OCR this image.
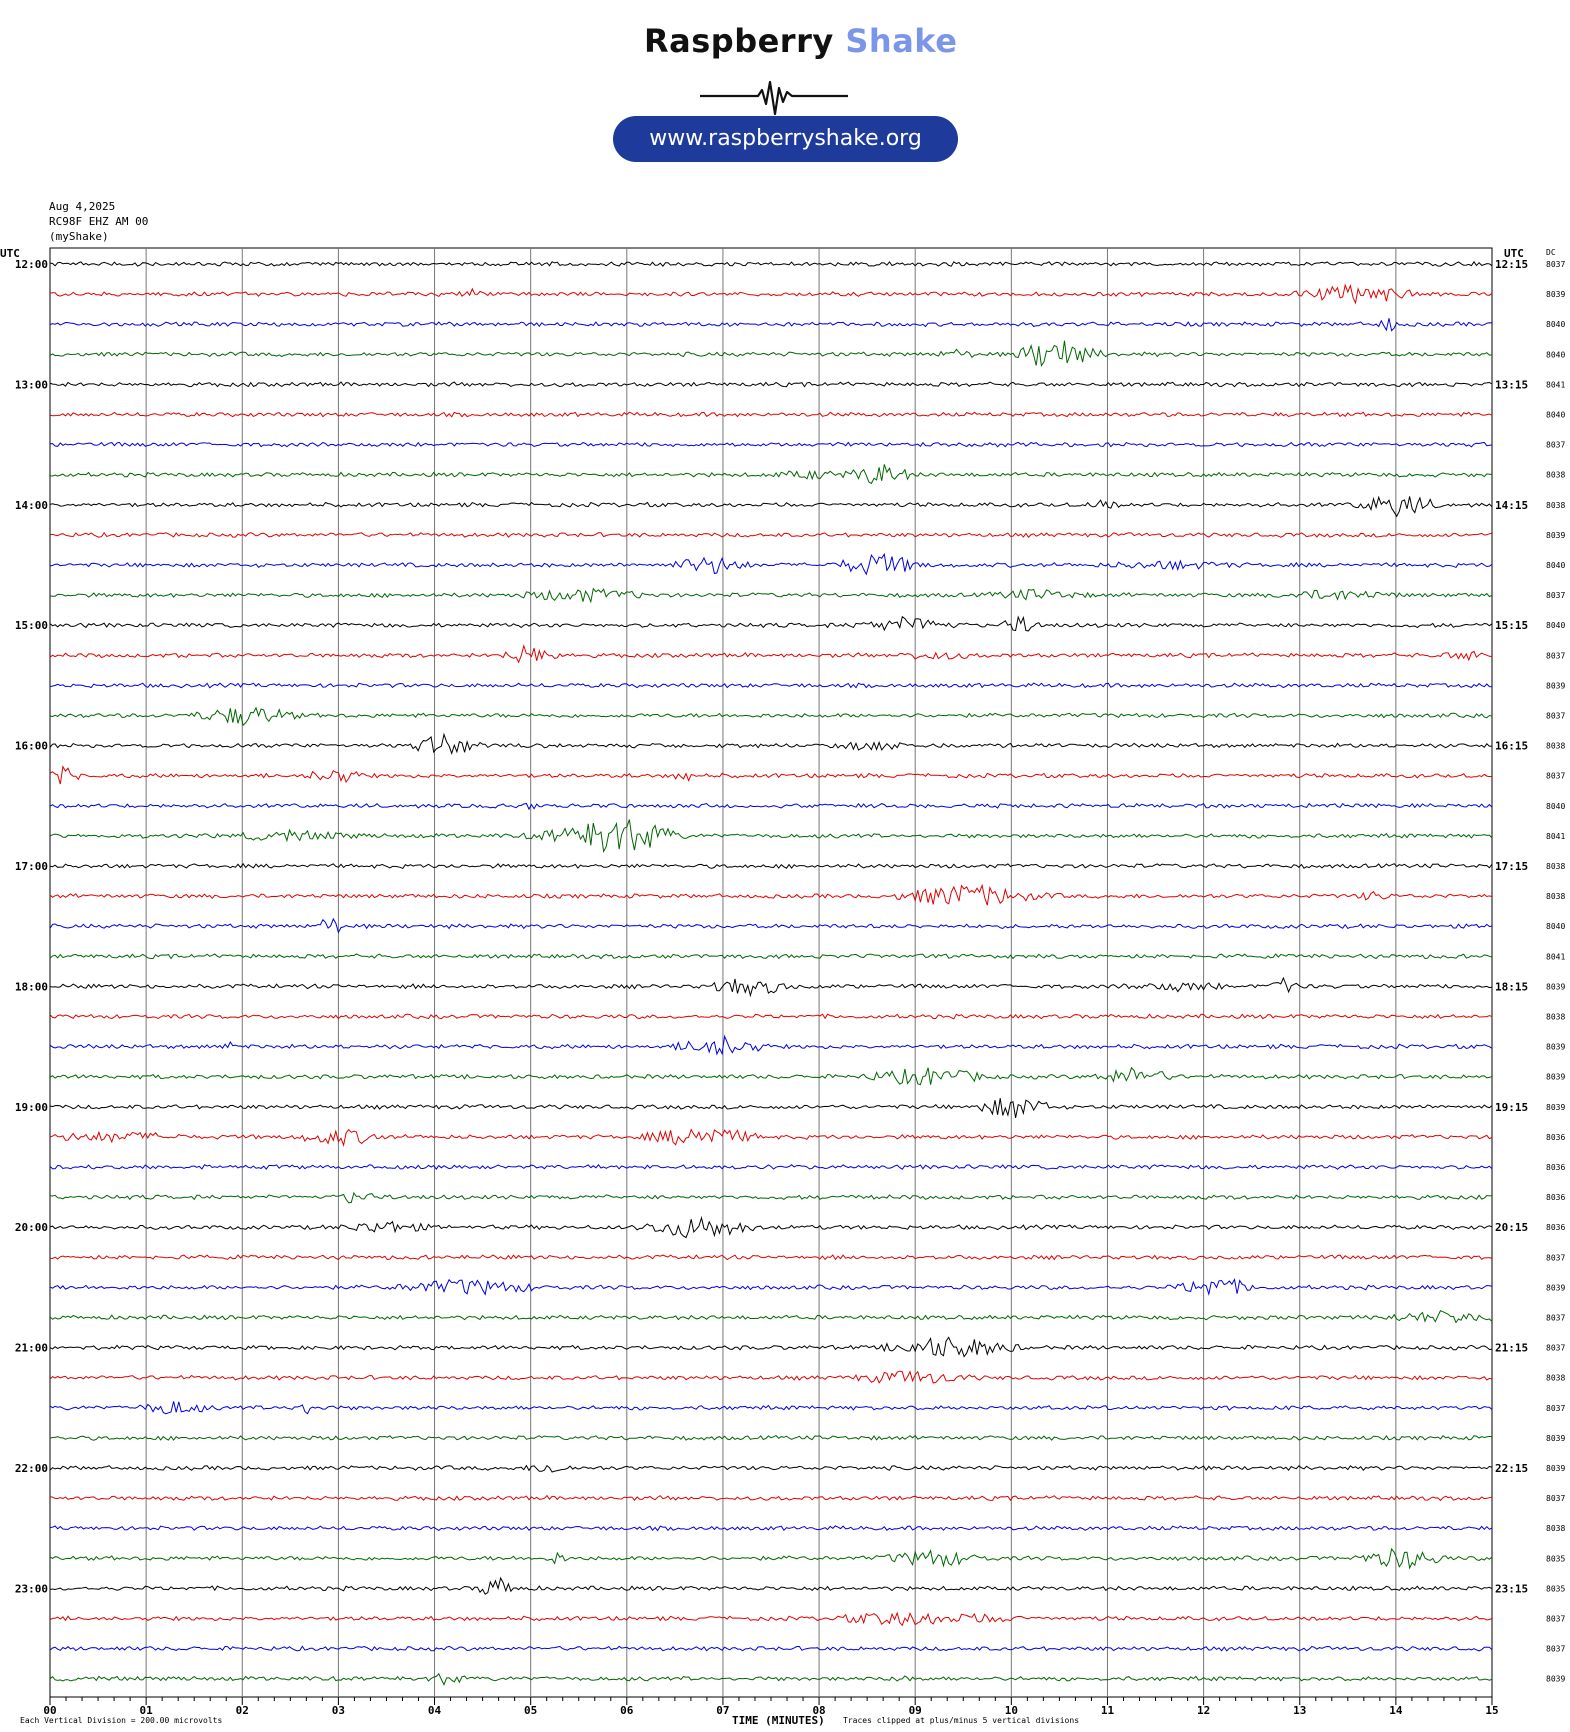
Raspberry Shake
www.raspberryshake.org
Aug 4,2025
RC98F EHZ AM 00
(myShake)
8037
12:00	12:15
8039
8040
8040
8041
13:00	13:15
8040
8037
8038
8038
14:00	14:15
8039
8040
8037
8040
15:00	15:15
8037
8039
8037
8038
16:00	16:15
8037
8040
8041
8038
17:00	17:15
8038
8040
8041
8039
18:00	18:15
8038
8039
8039
8039
19:00	19:15
8036
8036
8036
8036
20:00	20:15
8037
8039
8037
8037
21:00	21:15
8038
8037
8039
8039
22:00	22:15
8037
8038
8035
8035
23:00	23:15
8037
8037
8039
UTC	UTC	DC
00	01	02	03	04	05	06	07	08	09	10	11	12	13	14	15
Each Vertical Division = 200.00 microvolts	TIME (MINUTES) Traces clipped at plus/minus 5 vertical divisions
